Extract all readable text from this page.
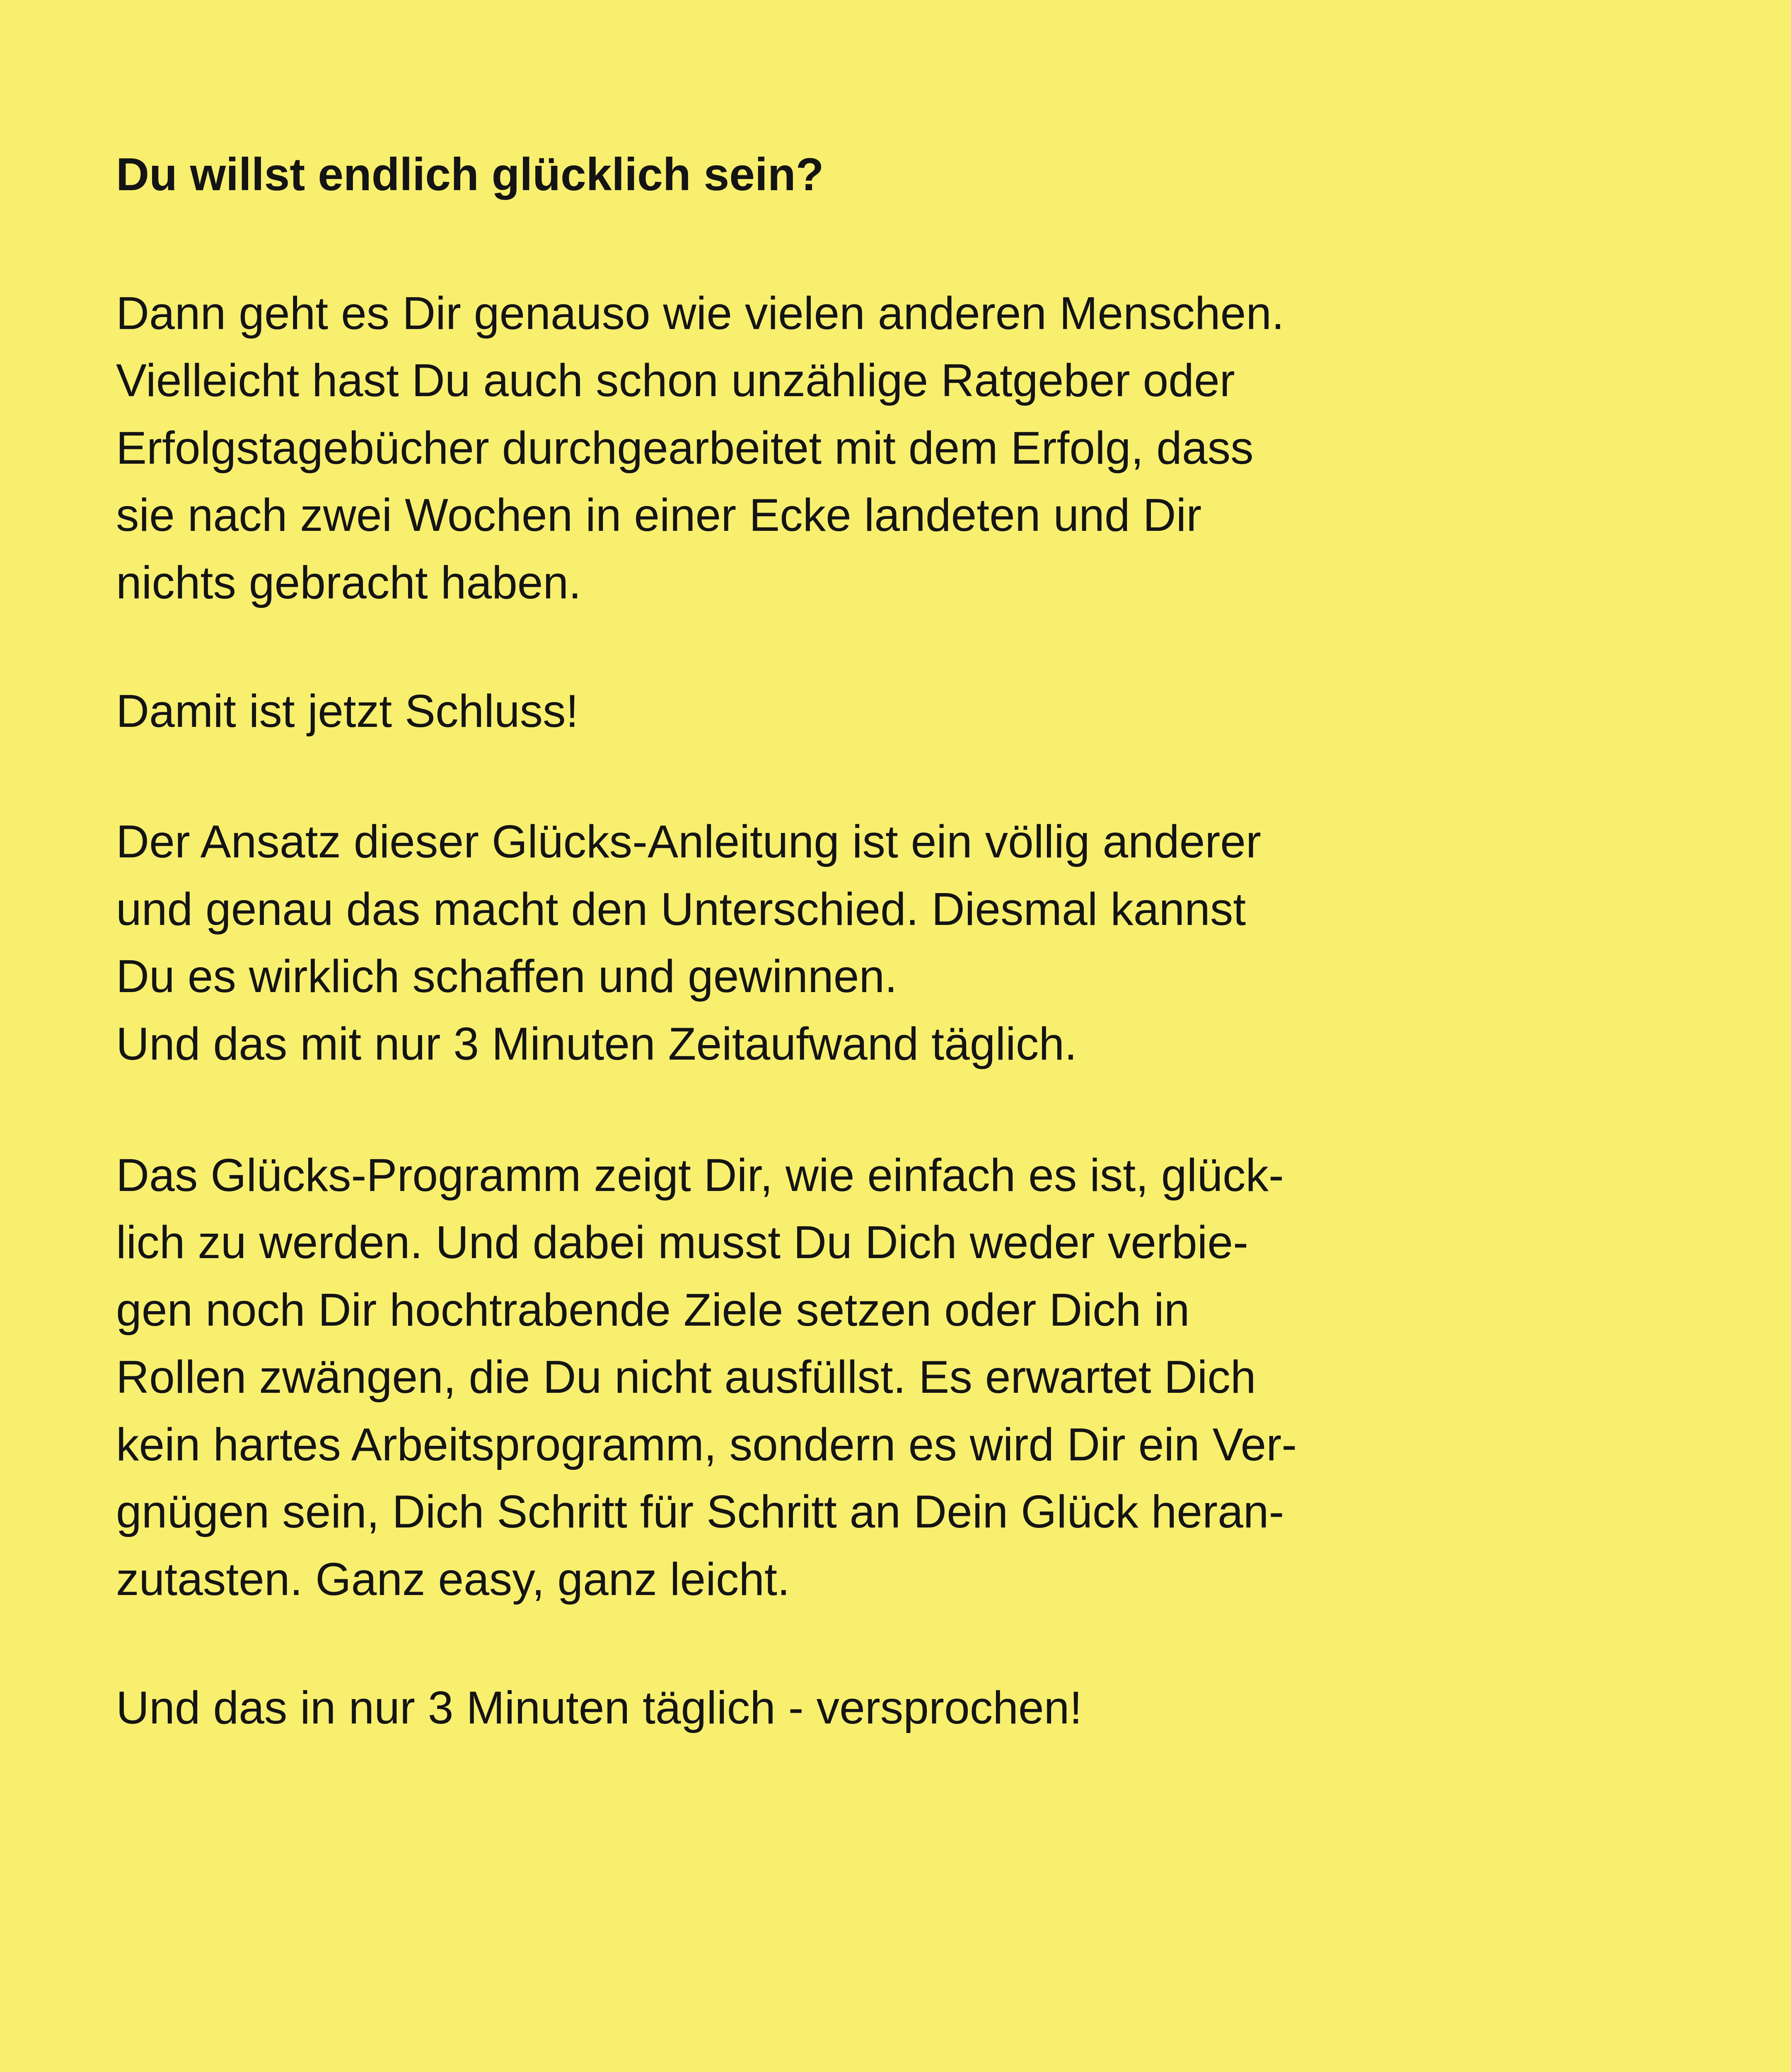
Du willst endlich glücklich sein?

Dann geht es Dir genauso wie vielen anderen Menschen.

Vielleicht hast Du auch schon unzählige Ratgeber oder

Erfolgstagebücher durchgearbeitet mit dem Erfolg, dass

sie nach zwei Wochen in einer Ecke landeten und Dir

nichts gebracht haben.

Damit ist jetzt Schluss!

Der Ansatz dieser Glücks-Anleitung ist ein völlig anderer

und genau das macht den Unterschied. Diesmal kannst

Du es wirklich schaffen und gewinnen.

Und das mit nur 3 Minuten Zeitaufwand täglich.

Das Glücks-Programm zeigt Dir, wie einfach es ist, glück-

lich zu werden. Und dabei musst Du Dich weder verbie-

gen noch Dir hochtrabende Ziele setzen oder Dich in

Rollen zwängen, die Du nicht ausfüllst. Es erwartet Dich

kein hartes Arbeitsprogramm, sondern es wird Dir ein Ver-

gnügen sein, Dich Schritt für Schritt an Dein Glück heran-

zutasten. Ganz easy, ganz leicht.

Und das in nur 3 Minuten täglich - versprochen!
